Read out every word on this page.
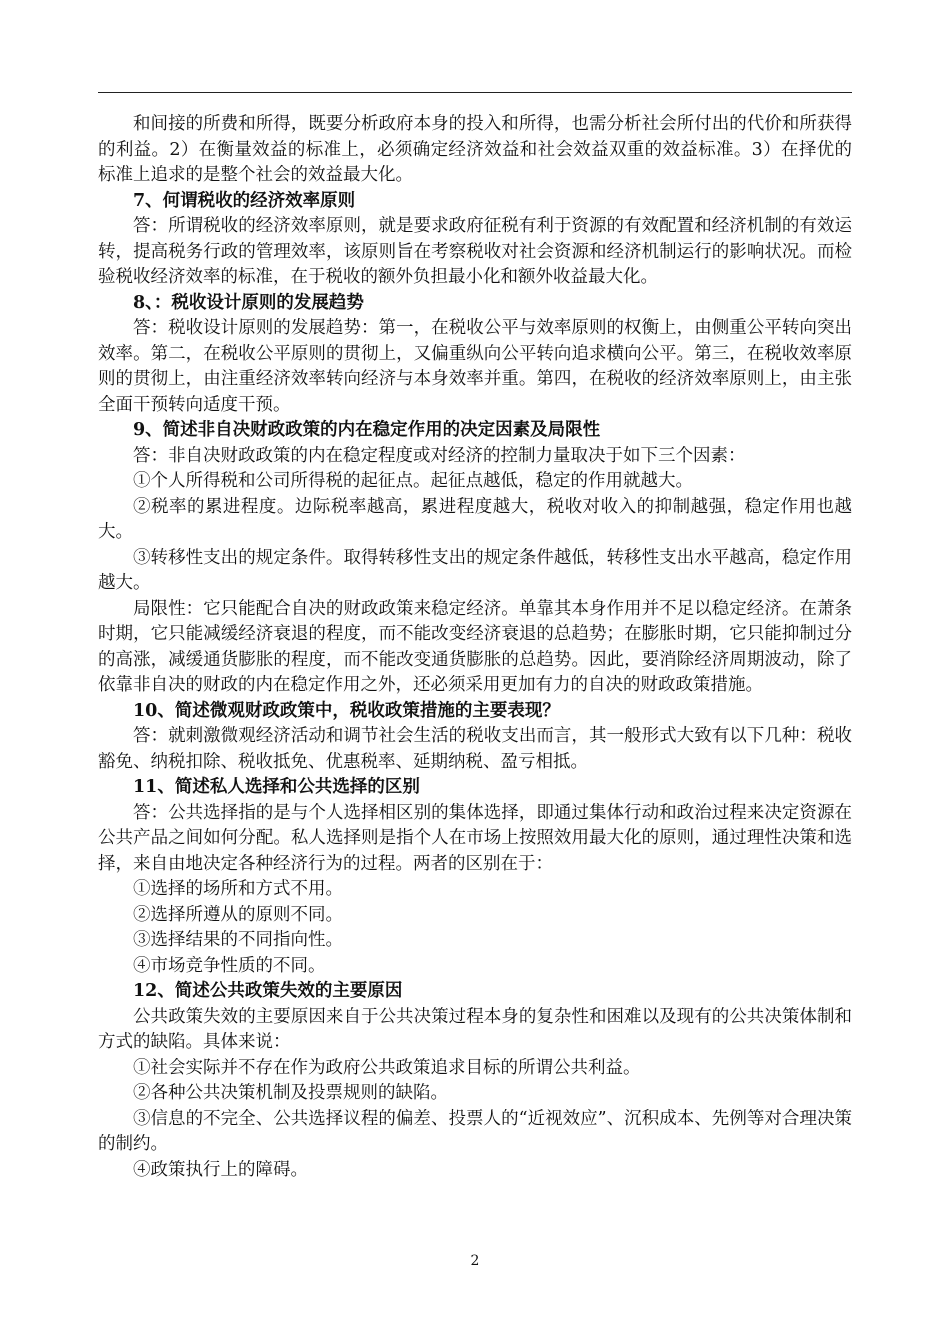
和间接的所费和所得，既要分析政府本身的投入和所得，也需分析社会所付出的代价和所获得的利益。2）在衡量效益的标准上，必须确定经济效益和社会效益双重的效益标准。3）在择优的标准上追求的是整个社会的效益最大化。

7、何谓税收的经济效率原则

答：所谓税收的经济效率原则，就是要求政府征税有利于资源的有效配置和经济机制的有效运转，提高税务行政的管理效率，该原则旨在考察税收对社会资源和经济机制运行的影响状况。而检验税收经济效率的标准，在于税收的额外负担最小化和额外收益最大化。

8、：税收设计原则的发展趋势

答：税收设计原则的发展趋势：第一，在税收公平与效率原则的权衡上，由侧重公平转向突出效率。第二，在税收公平原则的贯彻上，又偏重纵向公平转向追求横向公平。第三，在税收效率原则的贯彻上，由注重经济效率转向经济与本身效率并重。第四，在税收的经济效率原则上，由主张全面干预转向适度干预。

9、简述非自决财政政策的内在稳定作用的决定因素及局限性

答：非自决财政政策的内在稳定程度或对经济的控制力量取决于如下三个因素：

①个人所得税和公司所得税的起征点。起征点越低，稳定的作用就越大。

②税率的累进程度。边际税率越高，累进程度越大，税收对收入的抑制越强，稳定作用也越大。

③转移性支出的规定条件。取得转移性支出的规定条件越低，转移性支出水平越高，稳定作用越大。

局限性：它只能配合自决的财政政策来稳定经济。单靠其本身作用并不足以稳定经济。在萧条时期，它只能减缓经济衰退的程度，而不能改变经济衰退的总趋势；在膨胀时期，它只能抑制过分的高涨，减缓通货膨胀的程度，而不能改变通货膨胀的总趋势。因此，要消除经济周期波动，除了依靠非自决的财政的内在稳定作用之外，还必须采用更加有力的自决的财政政策措施。

10、简述微观财政政策中，税收政策措施的主要表现？

答：就刺激微观经济活动和调节社会生活的税收支出而言，其一般形式大致有以下几种：税收豁免、纳税扣除、税收抵免、优惠税率、延期纳税、盈亏相抵。

11、简述私人选择和公共选择的区别

答：公共选择指的是与个人选择相区别的集体选择，即通过集体行动和政治过程来决定资源在公共产品之间如何分配。私人选择则是指个人在市场上按照效用最大化的原则，通过理性决策和选择，来自由地决定各种经济行为的过程。两者的区别在于：

①选择的场所和方式不用。

②选择所遵从的原则不同。

③选择结果的不同指向性。

④市场竞争性质的不同。

12、简述公共政策失效的主要原因

公共政策失效的主要原因来自于公共决策过程本身的复杂性和困难以及现有的公共决策体制和方式的缺陷。具体来说：

①社会实际并不存在作为政府公共政策追求目标的所谓公共利益。

②各种公共决策机制及投票规则的缺陷。

③信息的不完全、公共选择议程的偏差、投票人的“近视效应”、沉积成本、先例等对合理决策的制约。

④政策执行上的障碍。

2
